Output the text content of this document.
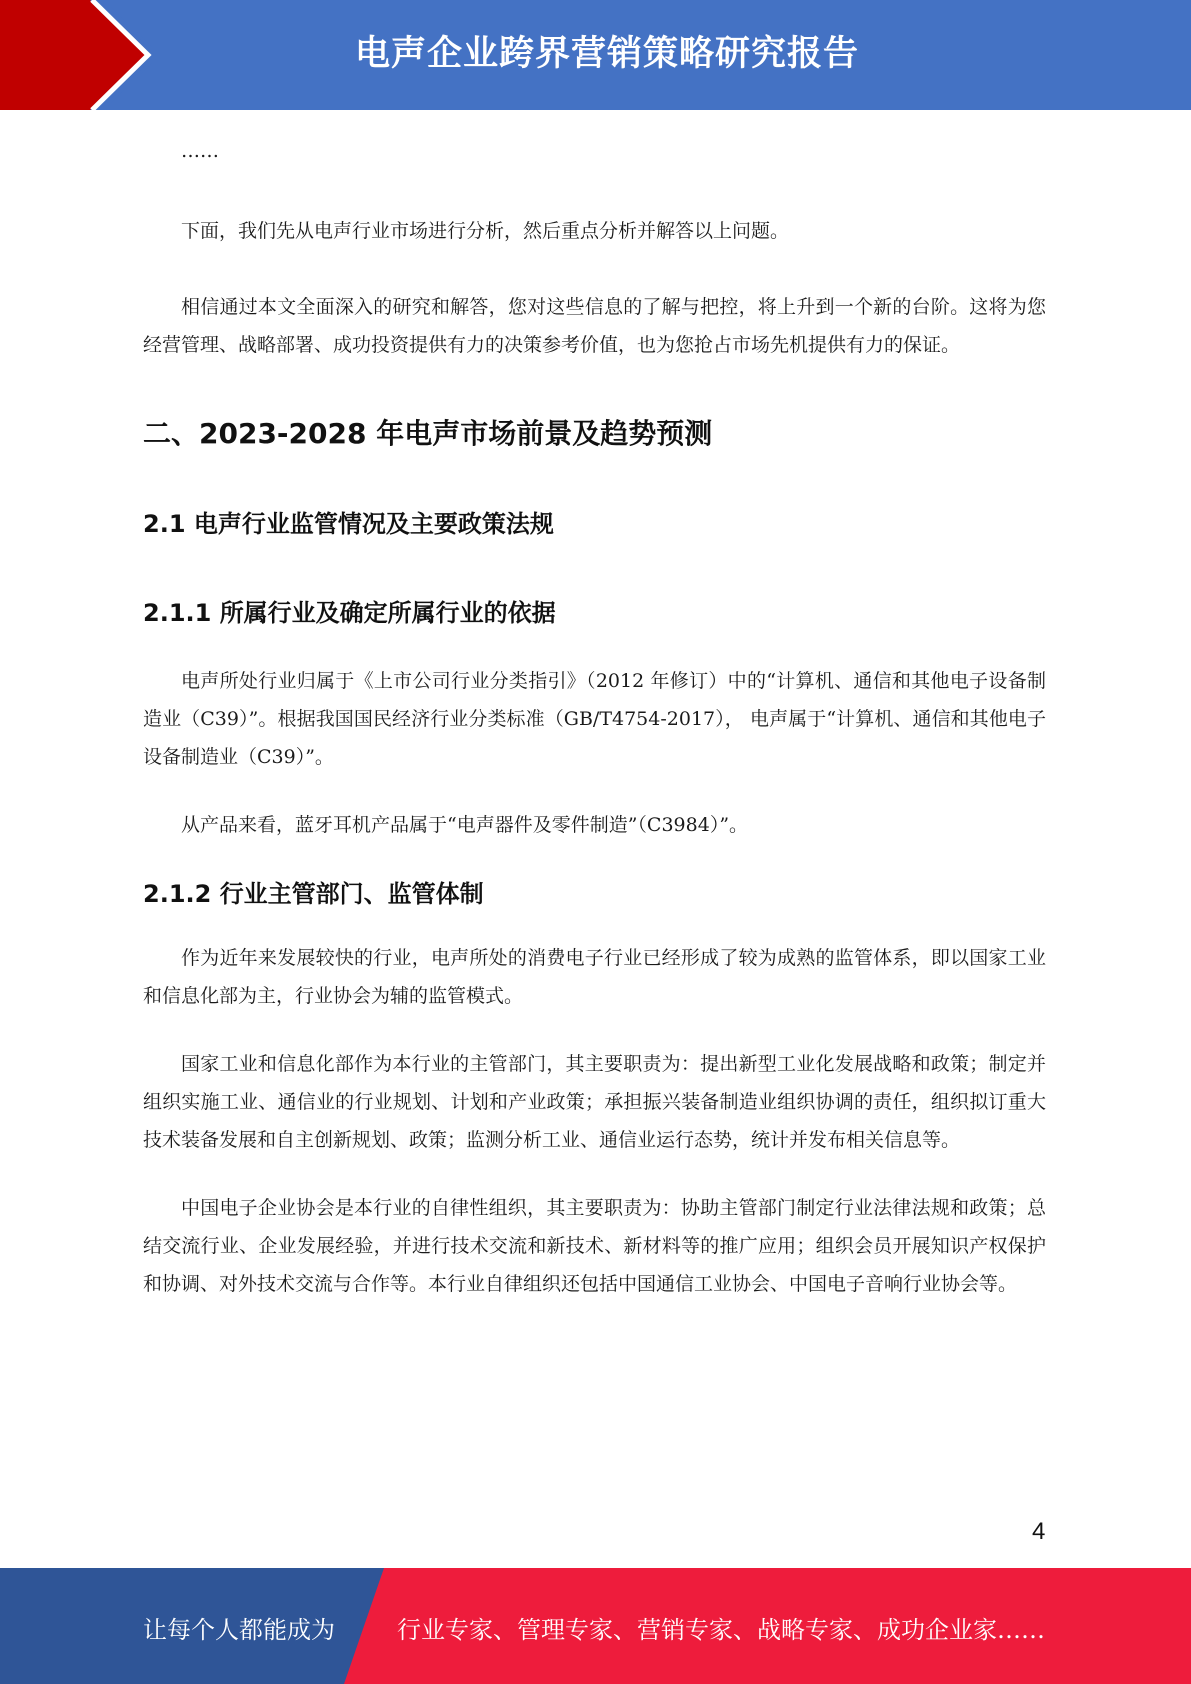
电声企业跨界营销策略研究报告

……

下面，我们先从电声行业市场进行分析，然后重点分析并解答以上问题。

相信通过本文全面深入的研究和解答，您对这些信息的了解与把控，将上升到一个新的台阶。这将为您经营管理、战略部署、成功投资提供有力的决策参考价值，也为您抢占市场先机提供有力的保证。

二、2023-2028 年电声市场前景及趋势预测
2.1 电声行业监管情况及主要政策法规
2.1.1 所属行业及确定所属行业的依据

电声所处行业归属于《上市公司行业分类指引》（2012 年修订）中的“计算机、通信和其他电子设备制造业（C39）”。根据我国国民经济行业分类标准（GB/T4754-2017）， 电声属于“计算机、通信和其他电子设备制造业（C39）”。

从产品来看，蓝牙耳机产品属于“电声器件及零件制造”（C3984）”。

2.1.2 行业主管部门、监管体制

作为近年来发展较快的行业，电声所处的消费电子行业已经形成了较为成熟的监管体系，即以国家工业和信息化部为主，行业协会为辅的监管模式。

国家工业和信息化部作为本行业的主管部门，其主要职责为：提出新型工业化发展战略和政策；制定并组织实施工业、通信业的行业规划、计划和产业政策；承担振兴装备制造业组织协调的责任，组织拟订重大技术装备发展和自主创新规划、政策；监测分析工业、通信业运行态势，统计并发布相关信息等。

中国电子企业协会是本行业的自律性组织，其主要职责为：协助主管部门制定行业法律法规和政策；总结交流行业、企业发展经验，并进行技术交流和新技术、新材料等的推广应用；组织会员开展知识产权保护和协调、对外技术交流与合作等。本行业自律组织还包括中国通信工业协会、中国电子音响行业协会等。

4
让每个人都能成为	行业专家、管理专家、营销专家、战略专家、成功企业家……
